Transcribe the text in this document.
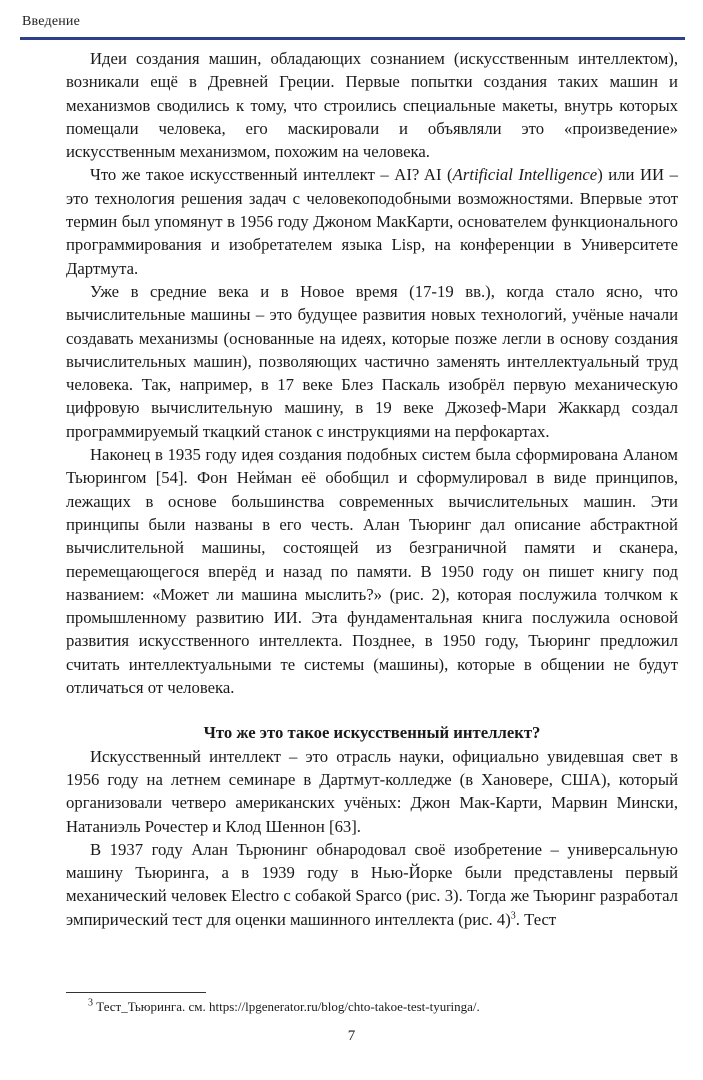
Введение

Идеи создания машин, обладающих сознанием (искусственным интеллектом), возникали ещё в Древней Греции. Первые попытки создания таких машин и механизмов сводились к тому, что строились специальные макеты, внутрь которых помещали человека, его маскировали и объявляли это «произведение» искусственным механизмом, похожим на человека.

Что же такое искусственный интеллект – AI? AI (Artificial Intelligence) или ИИ – это технология решения задач с человекоподобными возможностями. Впервые этот термин был упомянут в 1956 году Джоном МакКарти, основателем функционального программирования и изобретателем языка Lisp, на конференции в Университете Дартмута.

Уже в средние века и в Новое время (17-19 вв.), когда стало ясно, что вычислительные машины – это будущее развития новых технологий, учёные начали создавать механизмы (основанные на идеях, которые позже легли в основу создания вычислительных машин), позволяющих частично заменять интеллектуальный труд человека. Так, например, в 17 веке Блез Паскаль изобрёл первую механическую цифровую вычислительную машину, в 19 веке Джозеф-Мари Жаккард создал программируемый ткацкий станок с инструкциями на перфокартах.

Наконец в 1935 году идея создания подобных систем была сформирована Аланом Тьюрингом [54]. Фон Нейман её обобщил и сформулировал в виде принципов, лежащих в основе большинства современных вычислительных машин. Эти принципы были названы в его честь. Алан Тьюринг дал описание абстрактной вычислительной машины, состоящей из безграничной памяти и сканера, перемещающегося вперёд и назад по памяти. В 1950 году он пишет книгу под названием: «Может ли машина мыслить?» (рис. 2), которая послужила толчком к промышленному развитию ИИ. Эта фундаментальная книга послужила основой развития искусственного интеллекта. Позднее, в 1950 году, Тьюринг предложил считать интеллектуальными те системы (машины), которые в общении не будут отличаться от человека.

Что же это такое искусственный интеллект?

Искусственный интеллект – это отрасль науки, официально увидевшая свет в 1956 году на летнем семинаре в Дартмут-колледже (в Хановере, США), который организовали четверо американских учёных: Джон Мак-Карти, Марвин Мински, Натаниэль Рочестер и Клод Шеннон [63].

В 1937 году Алан Тьрюнинг обнародовал своё изобретение – универсальную машину Тьюринга, а в 1939 году в Нью-Йорке были представлены первый механический человек Electro с собакой Sparco (рис. 3). Тогда же Тьюринг разработал эмпирический тест для оценки машинного интеллекта (рис. 4)$^3$. Тест

$^3$ Тест_Тьюринга. см. https://lpgenerator.ru/blog/chto-takoe-test-tyuringa/.
7
